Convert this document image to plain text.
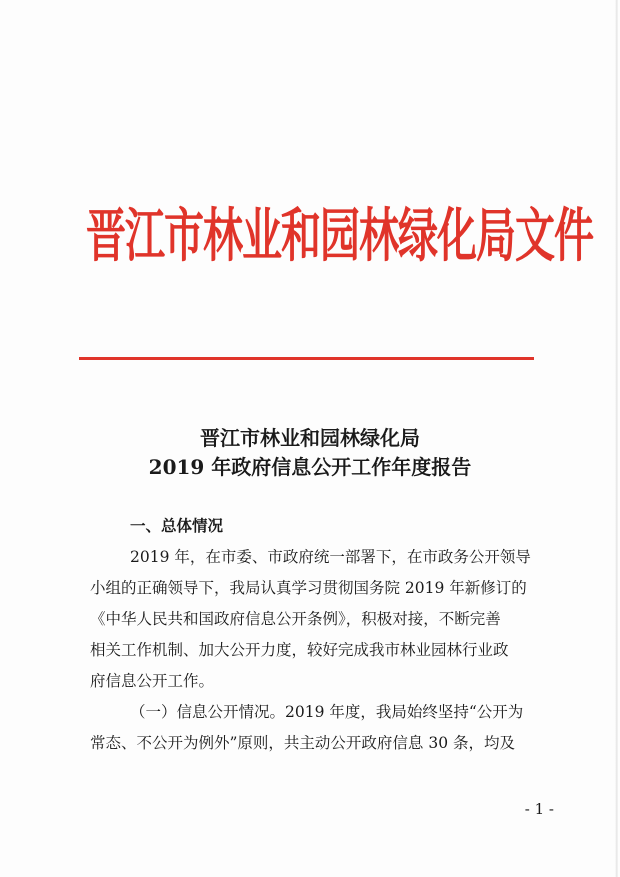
晋江市林业和园林绿化局文件
晋江市林业和园林绿化局
2019 年政府信息公开工作年度报告
一、总体情况
2019 年，在市委、市政府统一部署下，在市政务公开领导
小组的正确领导下，我局认真学习贯彻国务院 2019 年新修订的
《中华人民共和国政府信息公开条例》，积极对接，不断完善
相关工作机制、加大公开力度，较好完成我市林业园林行业政
府信息公开工作。
（一）信息公开情况。2019 年度，我局始终坚持“公开为
常态、不公开为例外”原则，共主动公开政府信息 30 条，均及
- 1 -
